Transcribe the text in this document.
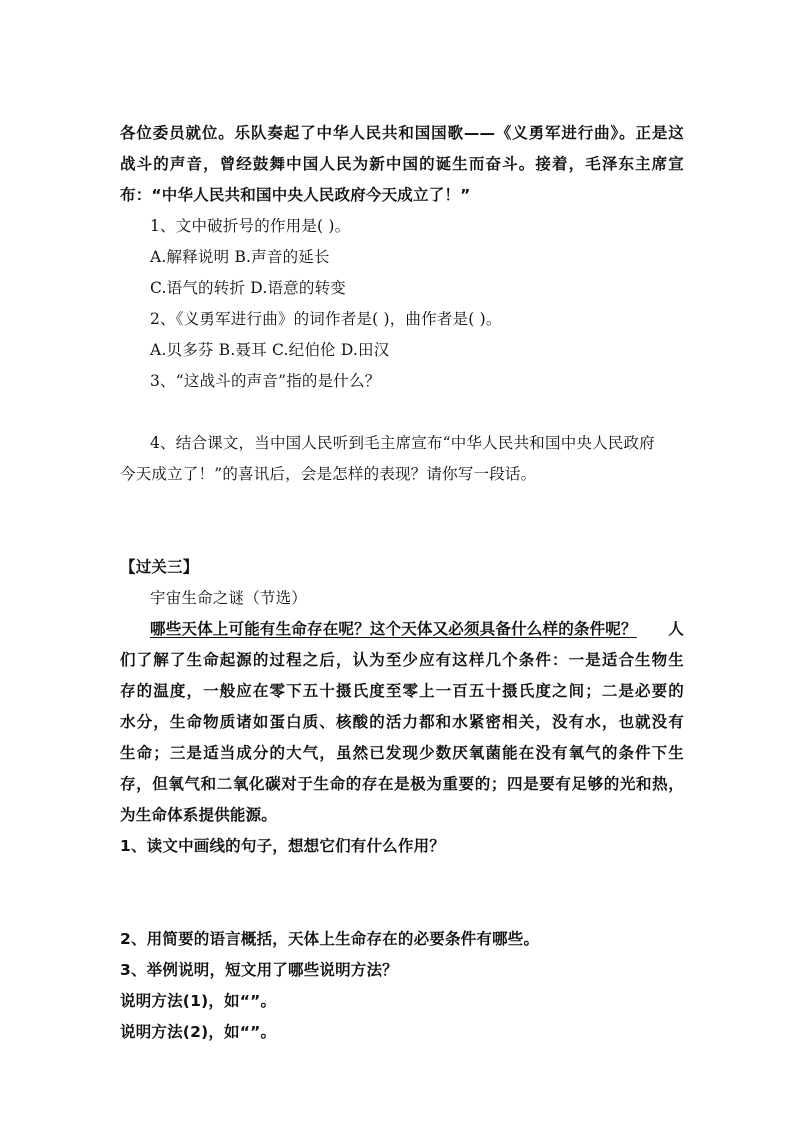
各位委员就位。乐队奏起了中华人民共和国国歌——《义勇军进行曲》。正是这
战斗的声音，曾经鼓舞中国人民为新中国的诞生而奋斗。接着，毛泽东主席宣
布：“中华人民共和国中央人民政府今天成立了！”
1、文中破折号的作用是( )。
A.解释说明 B.声音的延长
C.语气的转折 D.语意的转变
2、《义勇军进行曲》的词作者是( )，曲作者是( )。
A.贝多芬 B.聂耳 C.纪伯伦 D.田汉
3、“这战斗的声音”指的是什么？
4、结合课文，当中国人民听到毛主席宣布“中华人民共和国中央人民政府
今天成立了！”的喜讯后，会是怎样的表现？请你写一段话。
【过关三】
宇宙生命之谜（节选）
哪些天体上可能有生命存在呢？这个天体又必须具备什么样的条件呢？ 人
们了解了生命起源的过程之后，认为至少应有这样几个条件：一是适合生物生
存的温度，一般应在零下五十摄氏度至零上一百五十摄氏度之间；二是必要的
水分，生命物质诸如蛋白质、核酸的活力都和水紧密相关，没有水，也就没有
生命；三是适当成分的大气，虽然已发现少数厌氧菌能在没有氧气的条件下生
存，但氧气和二氧化碳对于生命的存在是极为重要的；四是要有足够的光和热，
为生命体系提供能源。
1、读文中画线的句子，想想它们有什么作用？
2、用简要的语言概括，天体上生命存在的必要条件有哪些。
3、举例说明，短文用了哪些说明方法？
说明方法(1)，如“”。
说明方法(2)，如“”。
